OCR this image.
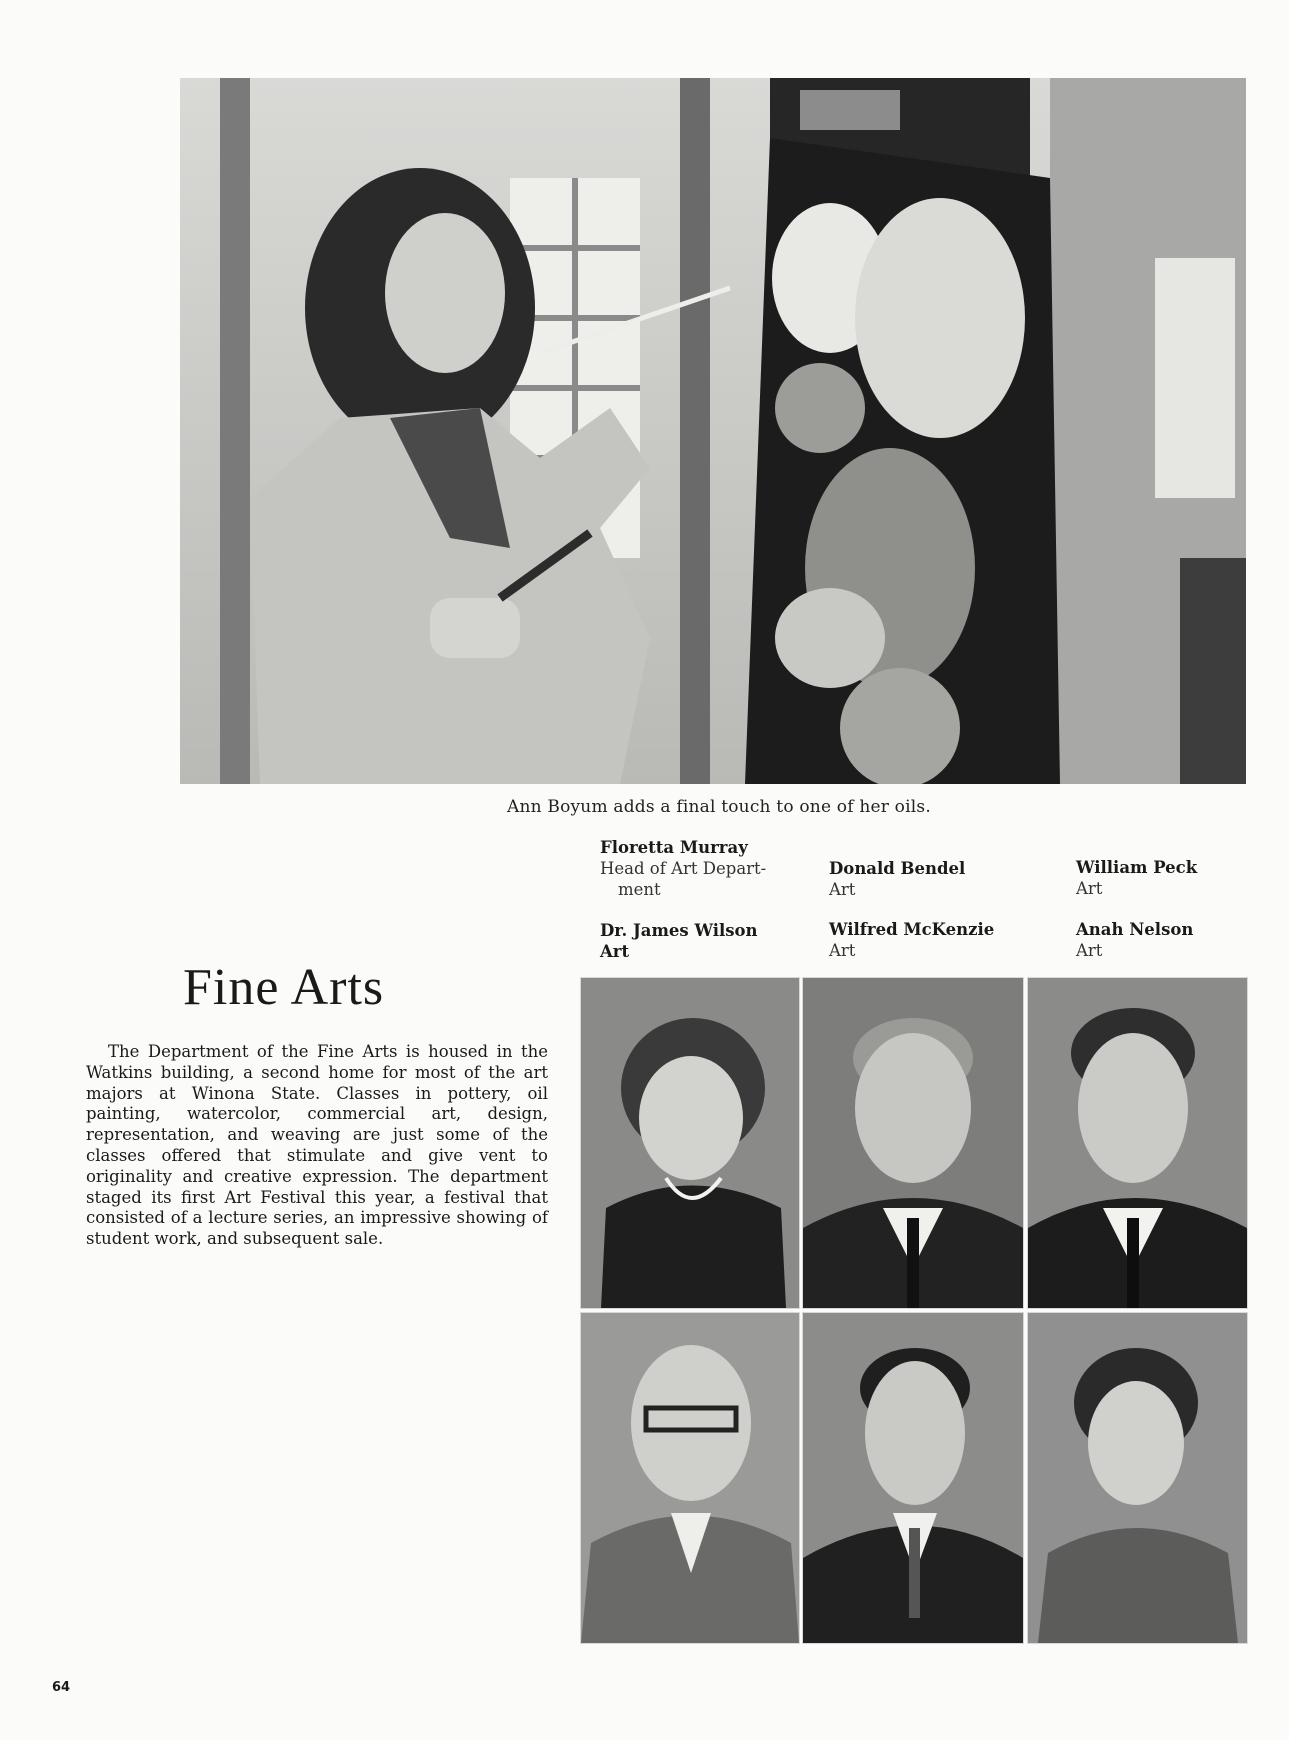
Ann Boyum adds a final touch to one of her oils.
Floretta Murray
Head of Art Depart-
ment
Donald Bendel
Art
William Peck
Art
Dr. James Wilson
Art
Wilfred McKenzie
Art
Anah Nelson
Art
Fine Arts

The Department of the Fine Arts is housed in the Watkins building, a second home for most of the art majors at Winona State. Classes in pottery, oil painting, watercolor, commercial art, design, representation, and weaving are just some of the classes offered that stimulate and give vent to originality and creative expression. The department staged its first Art Festival this year, a festival that consisted of a lecture series, an impressive showing of student work, and subsequent sale.

64
